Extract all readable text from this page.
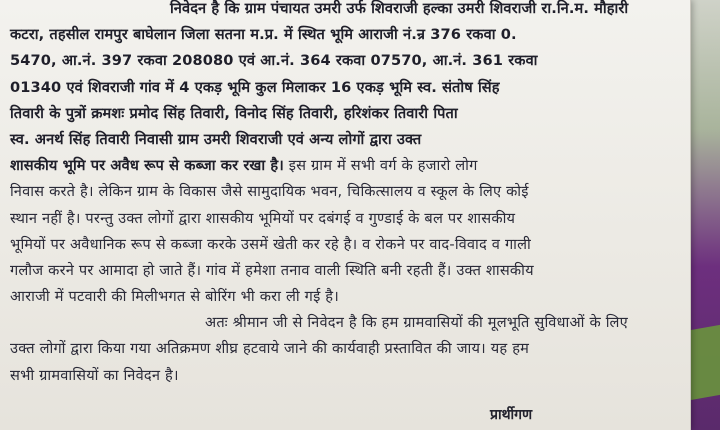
निवेदन है कि ग्राम पंचायत उमरी उर्फ शिवराजी हल्का उमरी शिवराजी रा.नि.म. मौहारी
कटरा, तहसील रामपुर बाघेलान जिला सतना म.प्र. में स्थित भूमि आराजी नं.न्र 376 रकवा 0.
5470, आ.नं. 397 रकवा 208080 एवं आ.नं. 364 रकवा 07570, आ.नं. 361 रकवा
01340 एवं शिवराजी गांव में 4 एकड़ भूमि कुल मिलाकर 16 एकड़ भूमि स्व. संतोष सिंह
तिवारी के पुत्रों क्रमशः प्रमोद सिंह तिवारी, विनोद सिंह तिवारी, हरिशंकर तिवारी पिता
स्व. अनर्थ सिंह तिवारी निवासी ग्राम उमरी शिवराजी एवं अन्य लोगों द्वारा उक्त
शासकीय भूमि पर अवैध रूप से कब्जा कर रखा है। इस ग्राम में सभी वर्ग के हजारो लोग
निवास करते है। लेकिन ग्राम के विकास जैसे सामुदायिक भवन, चिकित्सालय व स्कूल के लिए कोई
स्थान नहीं है। परन्तु उक्त लोगों द्वारा शासकीय भूमियों पर दबंगई व गुण्डाई के बल पर शासकीय
भूमियों पर अवैधानिक रूप से कब्जा करके उसमें खेती कर रहे है। व रोकने पर वाद-विवाद व गाली
गलौज करने पर आमादा हो जाते हैं। गांव में हमेशा तनाव वाली स्थिति बनी रहती हैं। उक्त शासकीय
आराजी में पटवारी की मिलीभगत से बोरिंग भी करा ली गई है।
अतः श्रीमान जी से निवेदन है कि हम ग्रामवासियों की मूलभूति सुविधाओं के लिए
उक्त लोगों द्वारा किया गया अतिक्रमण शीघ्र हटवाये जाने की कार्यवाही प्रस्तावित की जाय। यह हम
सभी ग्रामवासियों का निवेदन है।
प्रार्थीगण
